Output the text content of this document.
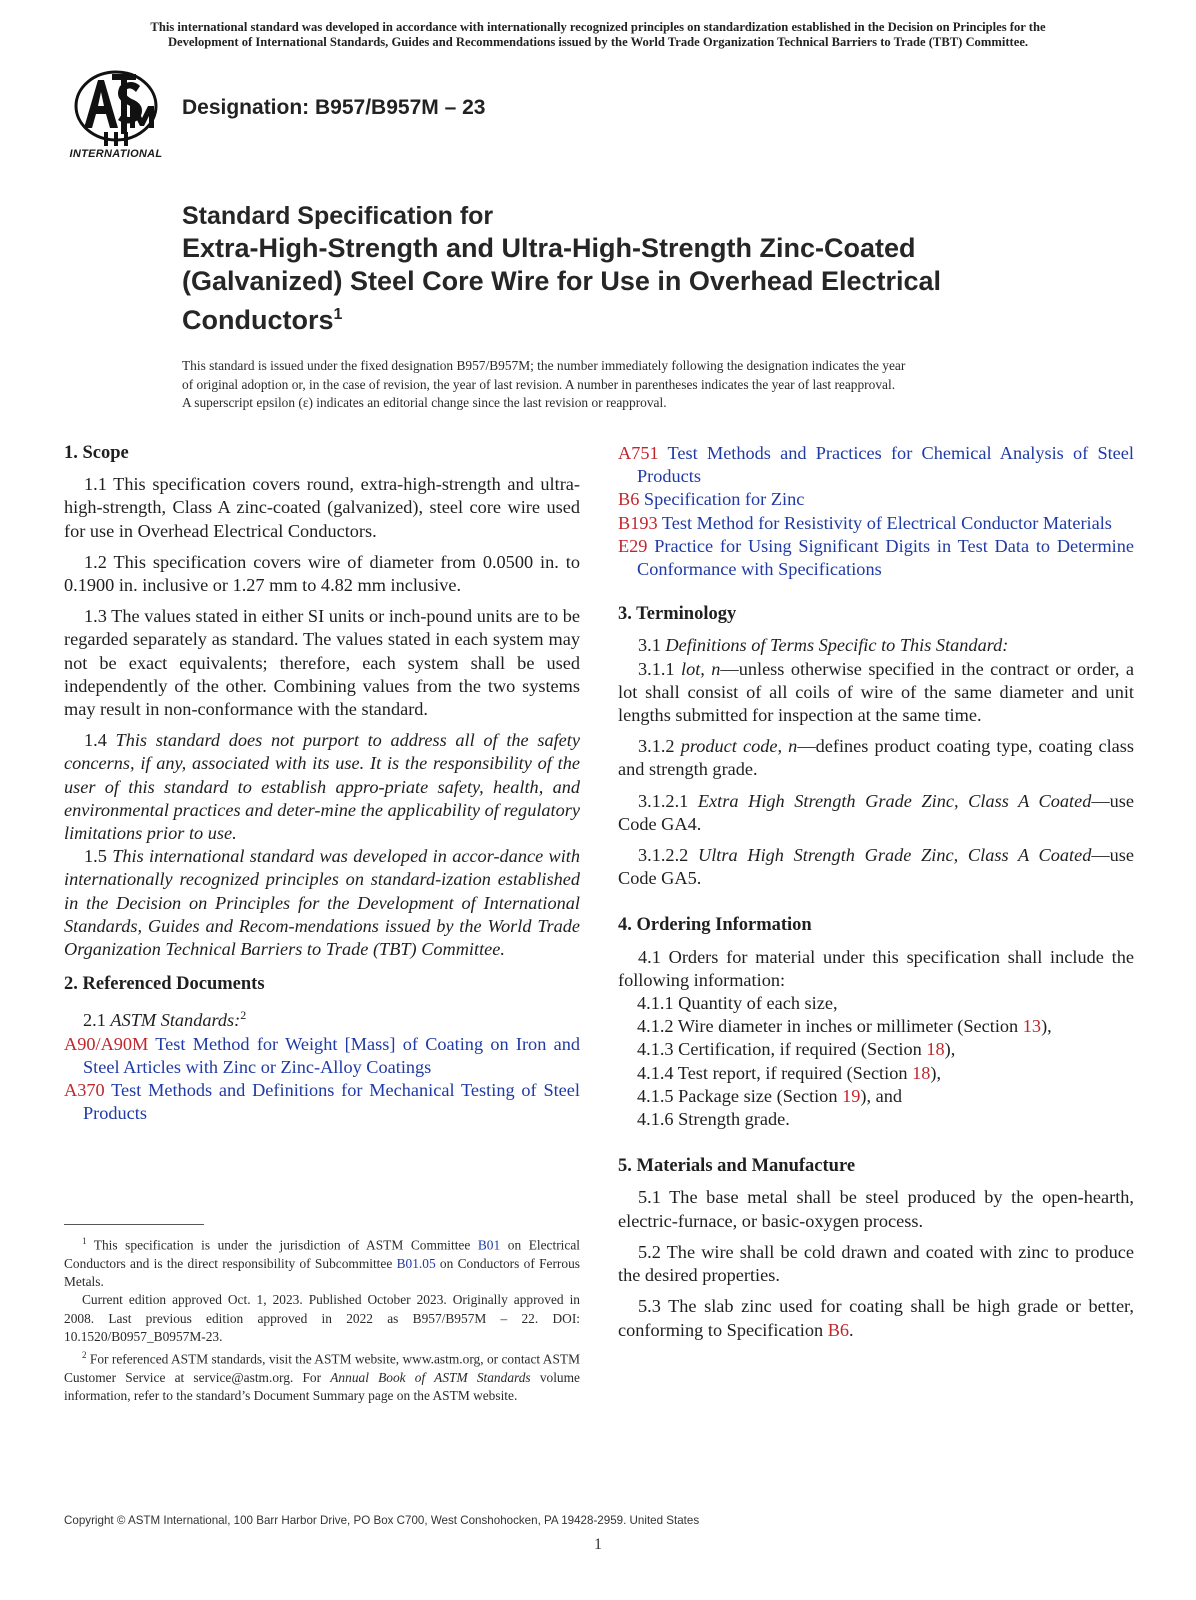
This international standard was developed in accordance with internationally recognized principles on standardization established in the Decision on Principles for the
Development of International Standards, Guides and Recommendations issued by the World Trade Organization Technical Barriers to Trade (TBT) Committee.
INTERNATIONAL
Designation: B957/B957M – 23
Standard Specification for
Extra-High-Strength and Ultra-High-Strength Zinc-Coated
(Galvanized) Steel Core Wire for Use in Overhead Electrical
Conductors$^1$
This standard is issued under the fixed designation B957/B957M; the number immediately following the designation indicates the year
of original adoption or, in the case of revision, the year of last revision. A number in parentheses indicates the year of last reapproval.
A superscript epsilon (ε) indicates an editorial change since the last revision or reapproval.
1. Scope

1.1 This specification covers round, extra-high-strength and ultra-high-strength, Class A zinc-coated (galvanized), steel core wire used for use in Overhead Electrical Conductors.

1.2 This specification covers wire of diameter from 0.0500 in. to 0.1900 in. inclusive or 1.27 mm to 4.82 mm inclusive.

1.3 The values stated in either SI units or inch-pound units are to be regarded separately as standard. The values stated in each system may not be exact equivalents; therefore, each system shall be used independently of the other. Combining values from the two systems may result in non-conformance with the standard.

1.4 This standard does not purport to address all of the safety concerns, if any, associated with its use. It is the responsibility of the user of this standard to establish appro-priate safety, health, and environmental practices and deter-mine the applicability of regulatory limitations prior to use.

1.5 This international standard was developed in accor-dance with internationally recognized principles on standard-ization established in the Decision on Principles for the Development of International Standards, Guides and Recom-mendations issued by the World Trade Organization Technical Barriers to Trade (TBT) Committee.

2. Referenced Documents

2.1 ASTM Standards:$^2$

A90/A90M Test Method for Weight [Mass] of Coating on Iron and Steel Articles with Zinc or Zinc-Alloy Coatings

A370 Test Methods and Definitions for Mechanical Testing of Steel Products

$^1$ This specification is under the jurisdiction of ASTM Committee B01 on Electrical Conductors and is the direct responsibility of Subcommittee B01.05 on Conductors of Ferrous Metals.

Current edition approved Oct. 1, 2023. Published October 2023. Originally approved in 2008. Last previous edition approved in 2022 as B957/B957M – 22. DOI: 10.1520/B0957_B0957M-23.

$^2$ For referenced ASTM standards, visit the ASTM website, www.astm.org, or contact ASTM Customer Service at service@astm.org. For Annual Book of ASTM Standards volume information, refer to the standard’s Document Summary page on the ASTM website.

A751 Test Methods and Practices for Chemical Analysis of Steel Products

B6 Specification for Zinc

B193 Test Method for Resistivity of Electrical Conductor Materials

E29 Practice for Using Significant Digits in Test Data to Determine Conformance with Specifications

3. Terminology

3.1 Definitions of Terms Specific to This Standard:

3.1.1 lot, n—unless otherwise specified in the contract or order, a lot shall consist of all coils of wire of the same diameter and unit lengths submitted for inspection at the same time.

3.1.2 product code, n—defines product coating type, coating class and strength grade.

3.1.2.1 Extra High Strength Grade Zinc, Class A Coated—use Code GA4.

3.1.2.2 Ultra High Strength Grade Zinc, Class A Coated—use Code GA5.

4. Ordering Information

4.1 Orders for material under this specification shall include the following information:

4.1.1 Quantity of each size,

4.1.2 Wire diameter in inches or millimeter (Section 13),

4.1.3 Certification, if required (Section 18),

4.1.4 Test report, if required (Section 18),

4.1.5 Package size (Section 19), and

4.1.6 Strength grade.

5. Materials and Manufacture

5.1 The base metal shall be steel produced by the open-hearth, electric-furnace, or basic-oxygen process.

5.2 The wire shall be cold drawn and coated with zinc to produce the desired properties.

5.3 The slab zinc used for coating shall be high grade or better, conforming to Specification B6.

Copyright © ASTM International, 100 Barr Harbor Drive, PO Box C700, West Conshohocken, PA 19428-2959. United States
1
